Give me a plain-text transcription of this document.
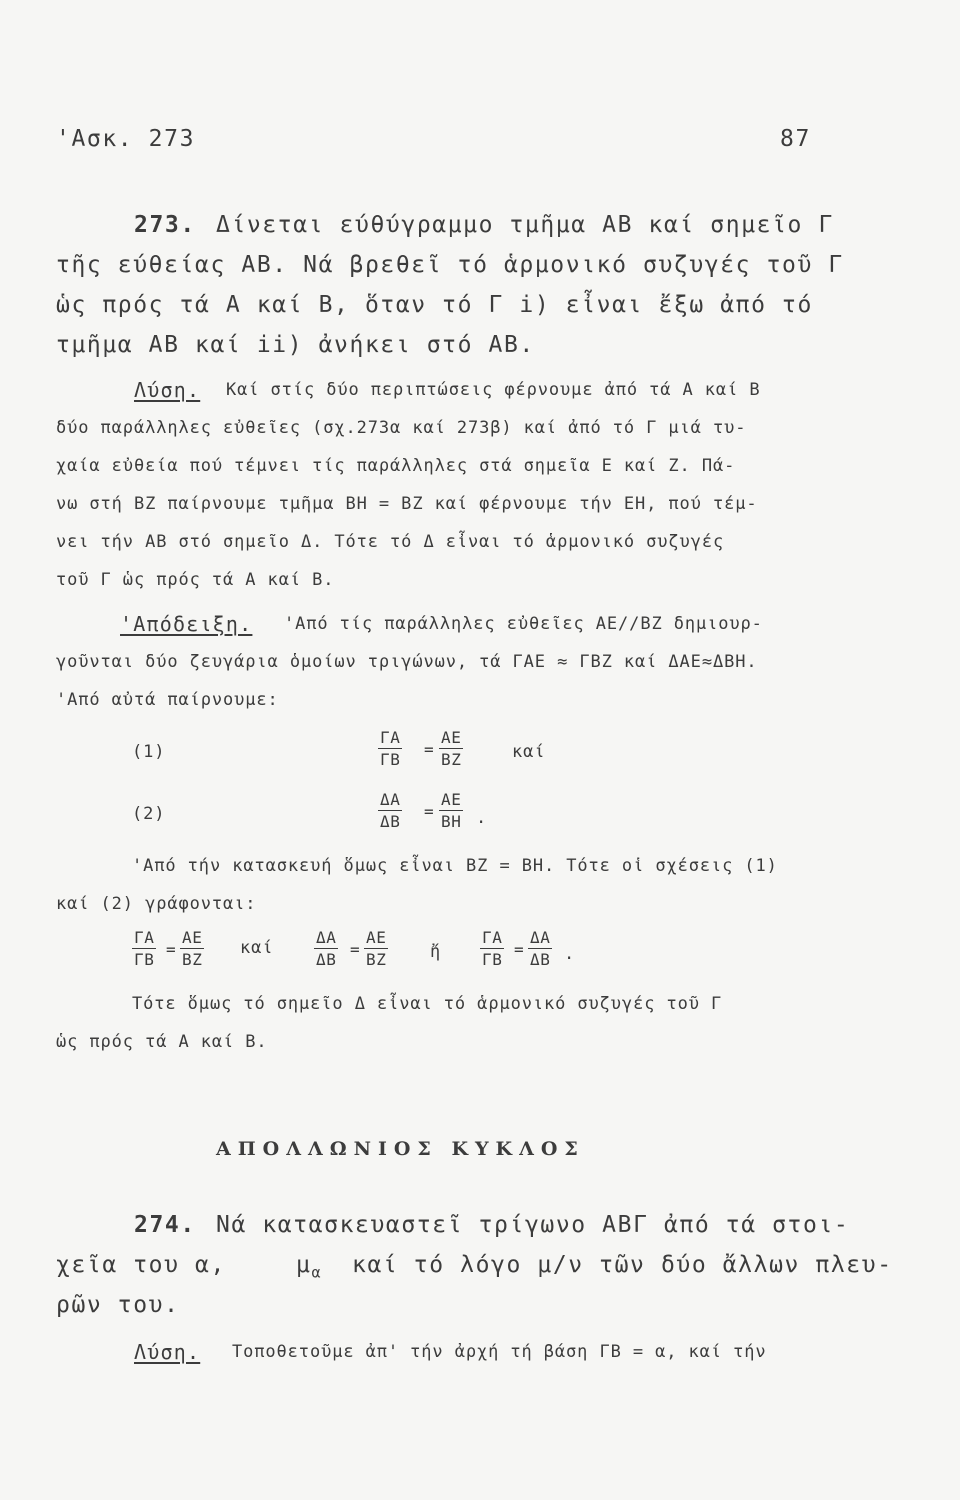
'Ασκ. 273	87
273. Δίνεται εύθύγραμμο τμῆμα ΑΒ καί σημεῖο Γ
τῆς εύθείας ΑΒ. Νά βρεθεῖ τό ἁρμονικό συζυγές τοῦ Γ
ὡς πρός τά Α καί Β, ὅταν τό Γ i) εἶναι ἔξω ἀπό τό
τμῆμα ΑΒ καί ii) ἀνήκει στό ΑΒ.
Λύση. Καί στίς δύο περιπτώσεις φέρνουμε ἀπό τά Α καί Β
δύο παράλληλες εὐθεῖες (σχ.273α καί 273β) καί ἀπό τό Γ μιά τυ-
χαία εὐθεία πού τέμνει τίς παράλληλες στά σημεῖα Ε καί Ζ. Πά-
νω στή ΒΖ παίρνουμε τμῆμα ΒΗ = ΒΖ καί φέρνουμε τήν ΕΗ, πού τέμ-
νει τήν ΑΒ στό σημεῖο Δ. Τότε τό Δ εἶναι τό ἁρμονικό συζυγές
τοῦ Γ ὡς πρός τά Α καί Β.
'Απόδειξη. 'Από τίς παράλληλες εὐθεῖες ΑΕ//ΒΖ δημιουρ-
γοῦνται δύο ζευγάρια ὁμοίων τριγώνων, τά ΓΑΕ ≈ ΓΒΖ καί ΔΑΕ≈ΔΒΗ.
'Από αὐτά παίρνουμε:
(1)	$\frac{\Gamma A}{\Gamma B} = \frac{AE}{BZ}$	καί
(2)	$\frac{\Delta A}{\Delta B} = \frac{AE}{BH}$ .
'Από τήν κατασκευή ὅμως εἶναι ΒΖ = ΒΗ. Τότε οἱ σχέσεις (1)
καί (2) γράφονται:
$\frac{\Gamma A}{\Gamma B} = \frac{AE}{BZ}$ καί	$\frac{\Delta A}{\Delta B} = \frac{AE}{BZ}$ ἤ $\frac{\Gamma A}{\Gamma B} = \frac{\Delta A}{\Delta B}$ .
Τότε ὅμως τό σημεῖο Δ εἶναι τό ἁρμονικό συζυγές τοῦ Γ
ὡς πρός τά Α καί Β.
ΑΠΟΛΛΩΝΙΟΣ ΚΥΚΛΟΣ
274. Νά κατασκευαστεῖ τρίγωνο ΑΒΓ ἀπό τά στοι-
χεῖα του α,	$\mu_\alpha$ καί τό λόγο μ/ν τῶν δύο ἄλλων πλευ-
ρῶν του.
Λύση. Τοποθετοῦμε ἀπ' τήν ἀρχή τή βάση ΓΒ = α, καί τήν
